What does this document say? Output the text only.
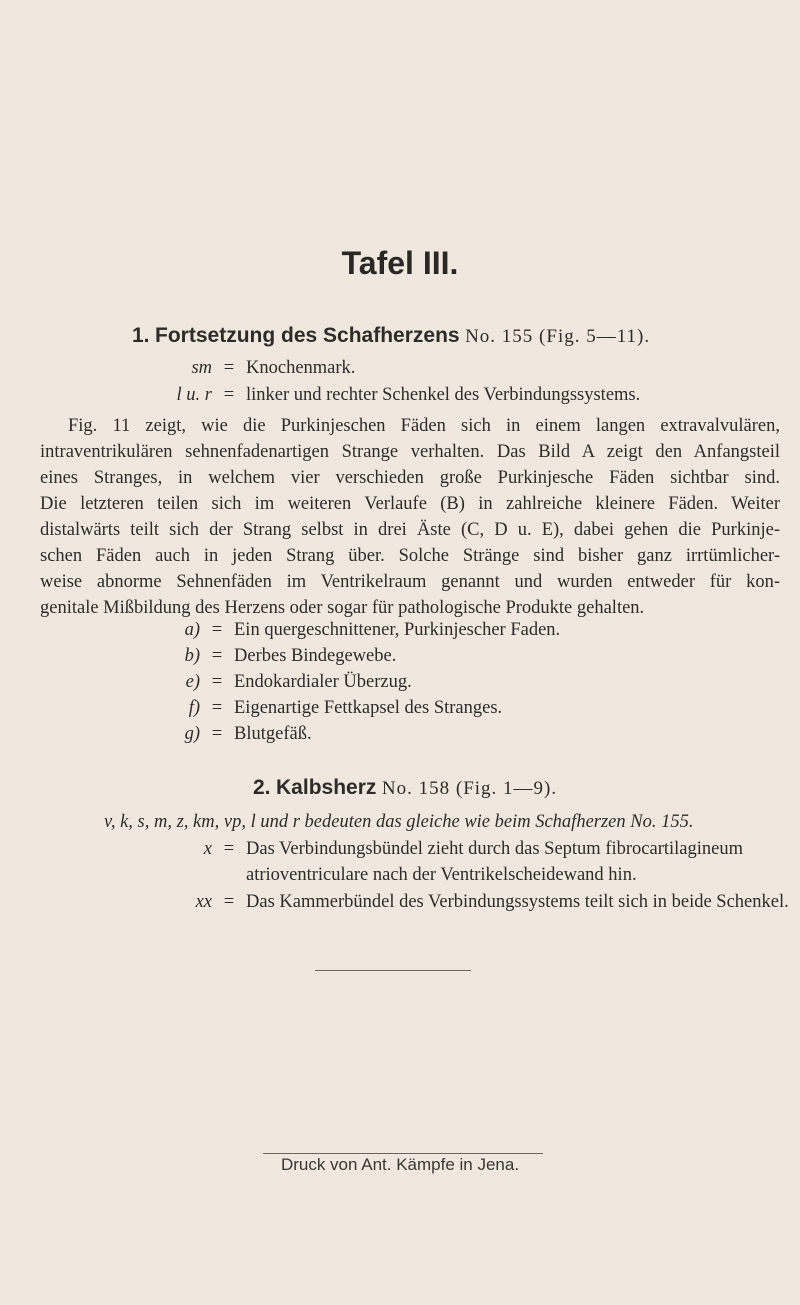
Tafel III.
1. Fortsetzung des Schafherzens No. 155 (Fig. 5—11).
sm = Knochenmark.
l u. r = linker und rechter Schenkel des Verbindungssystems.
Fig. 11 zeigt, wie die Purkinjeschen Fäden sich in einem langen extravalvulären,
intraventrikulären sehnenfadenartigen Strange verhalten. Das Bild A zeigt den Anfangsteil
eines Stranges, in welchem vier verschieden große Purkinjesche Fäden sichtbar sind.
Die letzteren teilen sich im weiteren Verlaufe (B) in zahlreiche kleinere Fäden. Weiter
distalwärts teilt sich der Strang selbst in drei Äste (C, D u. E), dabei gehen die Purkinje-
schen Fäden auch in jeden Strang über. Solche Stränge sind bisher ganz irrtümlicher-
weise abnorme Sehnenfäden im Ventrikelraum genannt und wurden entweder für kon-
genitale Mißbildung des Herzens oder sogar für pathologische Produkte gehalten.
a) = Ein quergeschnittener, Purkinjescher Faden.
b) = Derbes Bindegewebe.
e) = Endokardialer Überzug.
f) = Eigenartige Fettkapsel des Stranges.
g) = Blutgefäß.
2. Kalbsherz No. 158 (Fig. 1—9).
v, k, s, m, z, km, vp, l und r bedeuten das gleiche wie beim Schafherzen No. 155.
x = Das Verbindungsbündel zieht durch das Septum fibrocartilagineum
atrioventriculare nach der Ventrikelscheidewand hin.
xx = Das Kammerbündel des Verbindungssystems teilt sich in beide Schenkel.
Druck von Ant. Kämpfe in Jena.
